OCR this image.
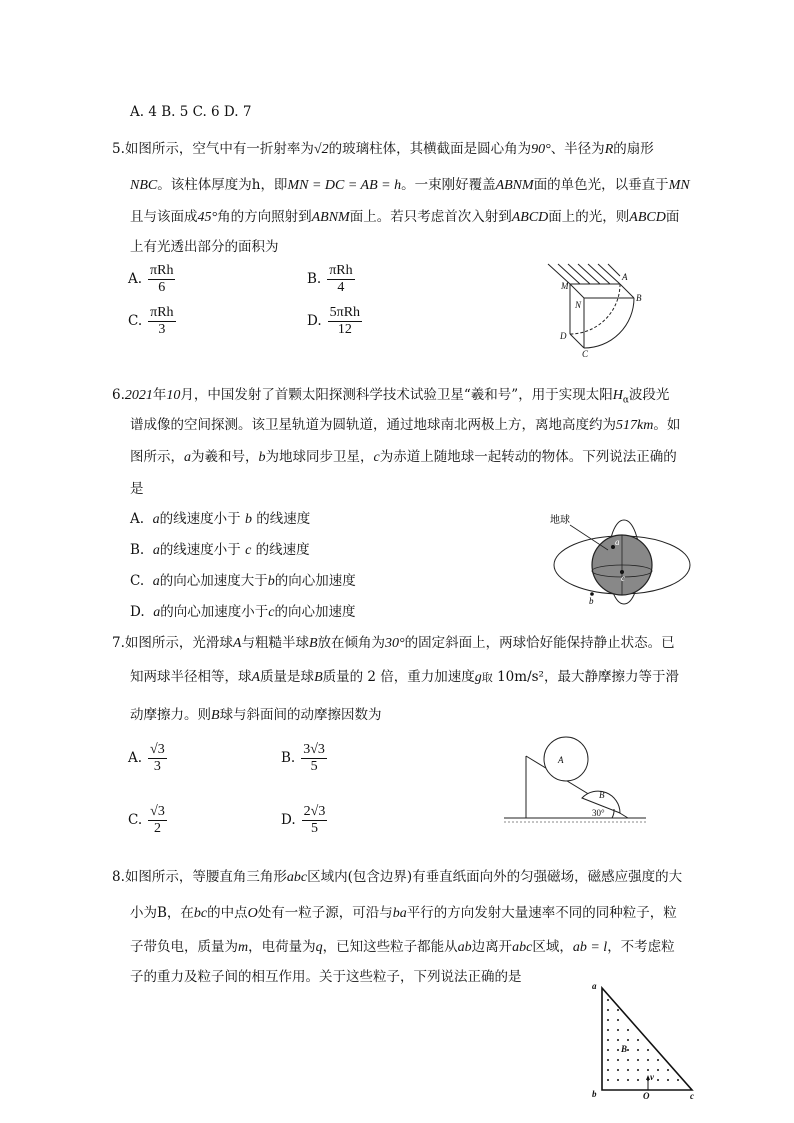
A. 4 B. 5 C. 6 D. 7
5.如图所示，空气中有一折射率为√2的玻璃柱体，其横截面是圆心角为90°、半径为R的扇形
NBC。该柱体厚度为h，即MN = DC = AB = h。一束刚好覆盖ABNM面的单色光，以垂直于MN
且与该面成45°角的方向照射到ABNM面上。若只考虑首次入射到ABCD面上的光，则ABCD面
上有光透出部分的面积为
A. $\frac{\text{πRh}}{6}$	B. $\frac{\text{πRh}}{4}$
C. $\frac{\text{πRh}}{3}$	D. $\frac{\text{5πRh}}{12}$
M
N
A
B
D
C
6.2021年10月，中国发射了首颗太阳探测科学技术试验卫星“羲和号”，用于实现太阳$H_\alpha$波段光
谱成像的空间探测。该卫星轨道为圆轨道，通过地球南北两极上方，离地高度约为517km。如
图所示，a为羲和号，b为地球同步卫星，c为赤道上随地球一起转动的物体。下列说法正确的
是
A. a的线速度小于 b 的线速度
B. a的线速度小于 c 的线速度
C. a的向心加速度大于b的向心加速度
D. a的向心加速度小于c的向心加速度
地球
a
c
b
7.如图所示，光滑球A与粗糙半球B放在倾角为30°的固定斜面上，两球恰好能保持静止状态。已
知两球半径相等，球A质量是球B质量的 2 倍，重力加速度g取 10m/s²，最大静摩擦力等于滑
动摩擦力。则B球与斜面间的动摩擦因数为
A. $\frac{√3}{3}$	B. $\frac{3√3}{5}$
C. $\frac{√3}{2}$	D. $\frac{2√3}{5}$
A
B
30°
8.如图所示，等腰直角三角形abc区域内(包含边界)有垂直纸面向外的匀强磁场，磁感应强度的大
小为B，在bc的中点O处有一粒子源，可沿与ba平行的方向发射大量速率不同的同种粒子，粒
子带负电，质量为m，电荷量为q，已知这些粒子都能从ab边离开abc区域，ab = l，不考虑粒
子的重力及粒子间的相互作用。关于这些粒子，下列说法正确的是
a
b	c
B
O
v
